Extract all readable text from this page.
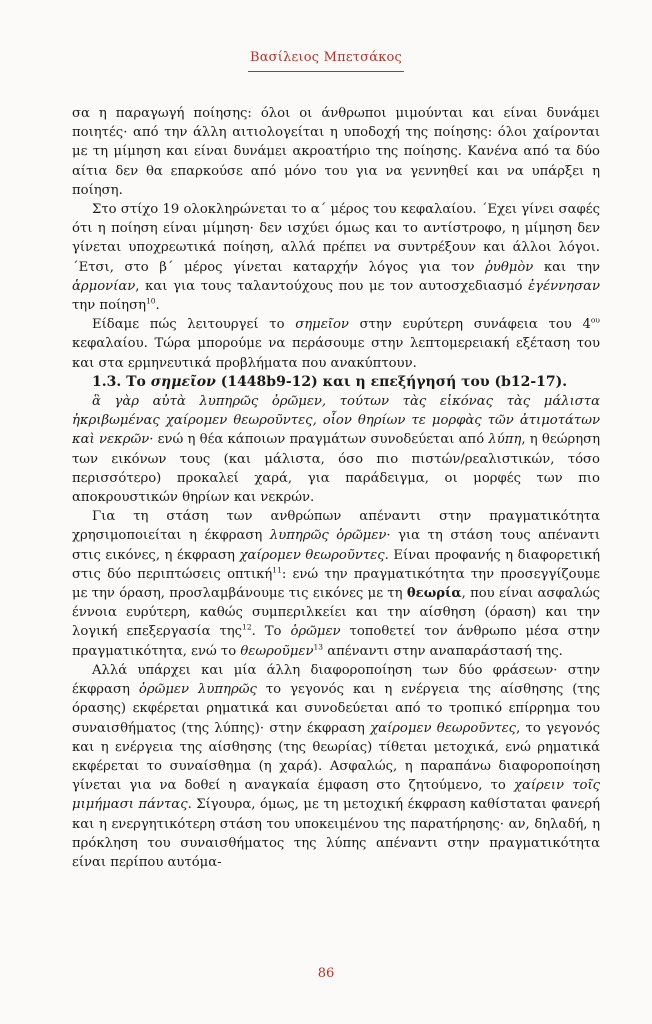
Βασίλειος Μπετσάκος

σα η παραγωγή ποίησης: όλοι οι άνθρωποι μιμούνται και είναι δυνάμει ποιητές· από την άλλη αιτιολογείται η υποδοχή της ποίησης: όλοι χαίρονται με τη μίμηση και είναι δυνάμει ακροατήριο της ποίησης. Κανένα από τα δύο αίτια δεν θα επαρκούσε από μόνο του για να γεννηθεί και να υπάρξει η ποίηση.

Στο στίχο 19 ολοκληρώνεται το α΄ μέρος του κεφαλαίου. ΄Εχει γίνει σαφές ότι η ποίηση είναι μίμηση· δεν ισχύει όμως και το αντίστροφο, η μίμηση δεν γίνεται υποχρεωτικά ποίηση, αλλά πρέπει να συντρέξουν και άλλοι λόγοι. ΄Ετσι, στο β΄ μέρος γίνεται καταρχήν λόγος για τον ῥυθμὸν και την ἁρμονίαν, και για τους ταλαντούχους που με τον αυτοσχεδιασμό ἐγέννησαν την ποίηση$^{10}$.

Είδαμε πώς λειτουργεί το σημεῖον στην ευρύτερη συνάφεια του $4^{o\upsilon}$ κεφαλαίου. Τώρα μπορούμε να περάσουμε στην λεπτομερειακή εξέταση του και στα ερμηνευτικά προβλήματα που ανακύπτουν.

1.3. Το σημεῖον (1448b9-12) και η επεξήγησή του (b12-17).

ἃ γὰρ αὐτὰ λυπηρῶς ὁρῶμεν, τούτων τὰς εἰκόνας τὰς μάλιστα ἠκριβωμένας χαίρομεν θεωροῦντες, οἷον θηρίων τε μορφὰς τῶν ἀτιμοτάτων καὶ νεκρῶν· ενώ η θέα κάποιων πραγμάτων συνοδεύεται από λύπη, η θεώρηση των εικόνων τους (και μάλιστα, όσο πιο πιστών/ρεαλιστικών, τόσο περισσότερο) προκαλεί χαρά, για παράδειγμα, οι μορφές των πιο αποκρουστικών θηρίων και νεκρών.

Για τη στάση των ανθρώπων απέναντι στην πραγματικότητα χρησιμοποιείται η έκφραση λυπηρῶς ὁρῶμεν· για τη στάση τους απέναντι στις εικόνες, η έκφραση χαίρομεν θεωροῦντες. Είναι προφανής η διαφορετική στις δύο περιπτώσεις οπτική$^{11}$: ενώ την πραγματικότητα την προσεγγίζουμε με την όραση, προσλαμβάνουμε τις εικόνες με τη θεωρία, που είναι ασφαλώς έννοια ευρύτερη, καθώς συμπεριλκείει και την αίσθηση (όραση) και την λογική επεξεργασία της$^{12}$. Το ὁρῶμεν τοποθετεί τον άνθρωπο μέσα στην πραγματικότητα, ενώ το θεωροῦμεν$^{13}$ απέναντι στην αναπαράστασή της.

Αλλά υπάρχει και μία άλλη διαφοροποίηση των δύο φράσεων· στην έκφραση ὁρῶμεν λυπηρῶς το γεγονός και η ενέργεια της αίσθησης (της όρασης) εκφέρεται ρηματικά και συνοδεύεται από το τροπικό επίρρημα του συναισθήματος (της λύπης)· στην έκφραση χαίρομεν θεωροῦντες, το γεγονός και η ενέργεια της αίσθησης (της θεωρίας) τίθεται μετοχικά, ενώ ρηματικά εκφέρεται το συναίσθημα (η χαρά). Ασφαλώς, η παραπάνω διαφοροποίηση γίνεται για να δοθεί η αναγκαία έμφαση στο ζητούμενο, το χαίρειν τοῖς μιμήμασι πάντας. Σίγουρα, όμως, με τη μετοχική έκφραση καθίσταται φανερή και η ενεργητικότερη στάση του υποκειμένου της παρατήρησης· αν, δηλαδή, η πρόκληση του συναισθήματος της λύπης απέναντι στην πραγματικότητα είναι περίπου αυτόμα-

86
